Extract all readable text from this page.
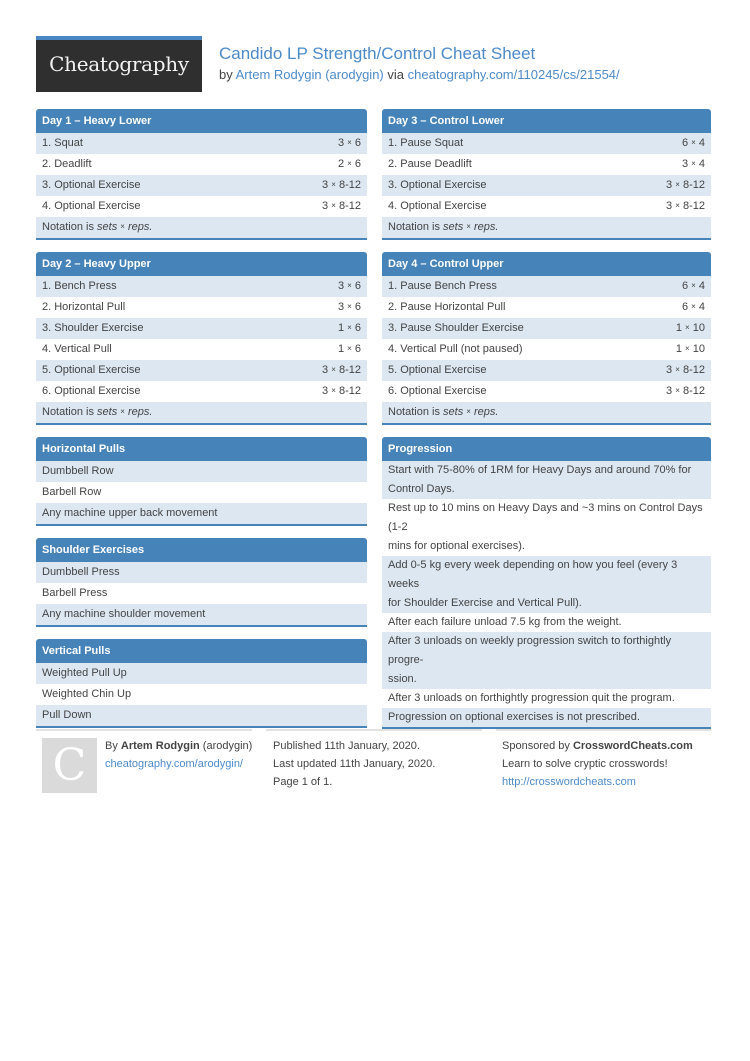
Cheatography	Candido LP Strength/Control Cheat Sheet
by Artem Rodygin (arodygin) via cheatography.com/110245/cs/21554/
Day 1 – Heavy Lower
1. Squat	3 × 6
2. Deadlift	2 × 6
3. Optional Exercise	3 × 8-12
4. Optional Exercise	3 × 8-12
Notation is sets × reps.
Day 2 – Heavy Upper
1. Bench Press	3 × 6
2. Horizontal Pull	3 × 6
3. Shoulder Exercise	1 × 6
4. Vertical Pull	1 × 6
5. Optional Exercise	3 × 8-12
6. Optional Exercise	3 × 8-12
Notation is sets × reps.
Horizontal Pulls
Dumbbell Row
Barbell Row
Any machine upper back movement
Shoulder Exercises
Dumbbell Press
Barbell Press
Any machine shoulder movement
Vertical Pulls
Weighted Pull Up
Weighted Chin Up
Pull Down
Day 3 – Control Lower
1. Pause Squat	6 × 4
2. Pause Deadlift	3 × 4
3. Optional Exercise	3 × 8-12
4. Optional Exercise	3 × 8-12
Notation is sets × reps.
Day 4 – Control Upper
1. Pause Bench Press	6 × 4
2. Pause Horizontal Pull	6 × 4
3. Pause Shoulder Exercise	1 × 10
4. Vertical Pull (not paused)	1 × 10
5. Optional Exercise	3 × 8-12
6. Optional Exercise	3 × 8-12
Notation is sets × reps.
Progression
Start with 75-80% of 1RM for Heavy Days and around 70% for
Control Days.
Rest up to 10 mins on Heavy Days and ~3 mins on Control Days (1-2
mins for optional exercises).
Add 0-5 kg every week depending on how you feel (every 3 weeks
for Shoulder Exercise and Vertical Pull).
After each failure unload 7.5 kg from the weight.
After 3 unloads on weekly progression switch to forthightly progre-
ssion.
After 3 unloads on forthightly progression quit the program.
Progression on optional exercises is not prescribed.
C	By Artem Rodygin (arodygin)
cheatography.com/arodygin/
Published 11th January, 2020.
Last updated 11th January, 2020.
Page 1 of 1.
Sponsored by CrosswordCheats.com
Learn to solve cryptic crosswords!
http://crosswordcheats.com
